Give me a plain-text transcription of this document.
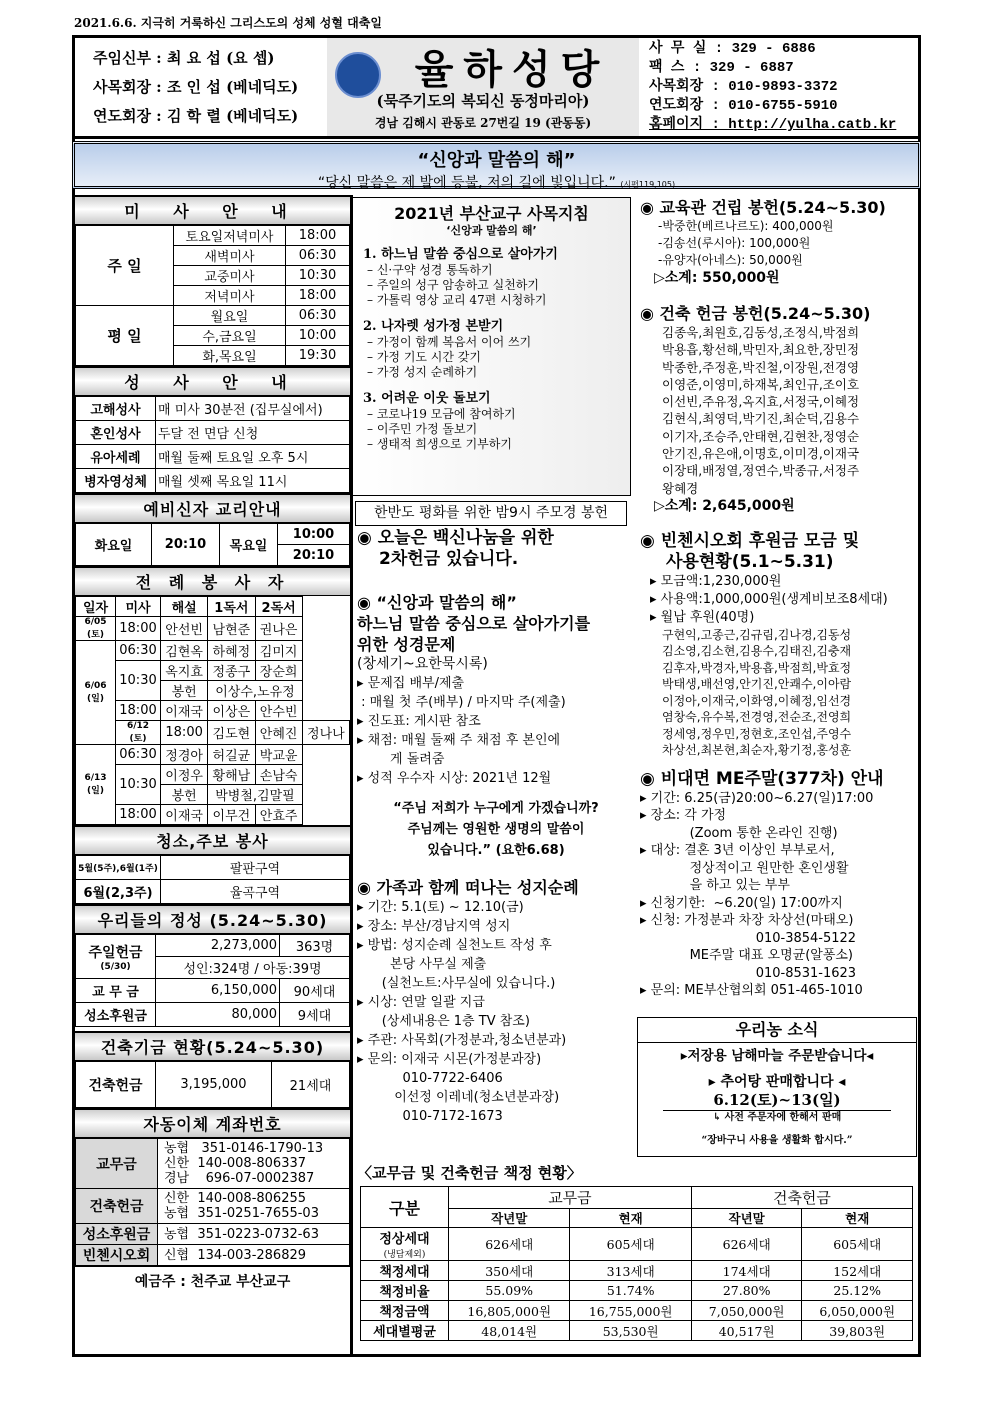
2021.6.6. 지극히 거룩하신 그리스도의 성체 성혈 대축일
주임신부 : 최 요 섭 (요 셉)
사목회장 : 조 인 섭 (베네딕도)
연도회장 : 김 학 렬 (베네딕도)
율하성당
(묵주기도의 복되신 동정마리아)
경남 김해시 관동로 27번길 19 (관동동)
사 무 실 : 329 - 6886
팩 스 : 329 - 6887
사목회장 : 010-9893-3372
연도회장 : 010-6755-5910
홈페이지 : http://yulha.catb.kr
“신앙과 말씀의 해”
“당신 말씀은 제 발에 등불, 저의 길에 빛입니다.” (시편119,105)
미 사 안 내
주 일	토요일저녁미사	18:00
	새벽미사	06:30
	교중미사	10:30
	저녁미사	18:00
평 일	월요일	06:30
	수,금요일	10:00
	화,목요일	19:30
성 사 안 내
고해성사	매 미사 30분전 (집무실에서)
혼인성사	두달 전 면담 신청
유아세례	매월 둘째 토요일 오후 5시
병자영성체	매월 셋째 목요일 11시
예비신자 교리안내
화요일	20:10	목요일	10:00
20:10
전 례 봉 사 자
일자	미사	해설	1독서	2독서	
6/05 (토)	18:00	안선빈	남현준	권나은	
6/06 (일)	06:30	김현옥	하혜정	김미지	
	10:30	옥지효	정종구	장순희	
		봉헌	이상수,노유정		
	18:00	이재국	이상은	안수빈	
	6/12 (토)	18:00	김도현	안혜진	정나나
6/13 (일)	06:30	정경아	허길균	박교윤	
	10:30	이정우	황해남	손남숙	
		봉헌	박병철,김말필		
	18:00	이재국	이무건	안효주	
청소,주보 봉사
5월(5주),6월(1주)	팔판구역
6월(2,3주)	율곡구역
우리들의 정성 (5.24~5.30)
주일헌금
(5/30)	2,273,000	363명
	성인:324명 / 아동:39명	
교 무 금	6,150,000	90세대
성소후원금	80,000	9세대
건축기금 현황(5.24~5.30)
건축헌금	3,195,000	21세대
자동이체 계좌번호
교무금	농협   351-0146-1790-13
신한  140-008-806337
경남    696-07-0002387

건축헌금	신한  140-008-806255
농협  351-0251-7655-03

성소후원금	농협  351-0223-0732-63

빈첸시오회	신협  134-003-286829
예금주 : 천주교 부산교구
2021년 부산교구 사목지침
‘신앙과 말씀의 해’
1. 하느님 말씀 중심으로 살아가기
– 신·구약 성경 통독하기
– 주일의 성구 암송하고 실천하기
– 가톨릭 영상 교리 47편 시청하기
2. 나자렛 성가정 본받기
– 가정이 함께 복음서 이어 쓰기
– 가정 기도 시간 갖기
– 가정 성지 순례하기
3. 어려운 이웃 돌보기
– 코로나19 모금에 참여하기
– 이주민 가정 돌보기
– 생태적 희생으로 기부하기
한반도 평화를 위한 밤9시 주모경 봉헌
◉ 오늘은 백신나눔을 위한
2차헌금 있습니다.
◉ “신앙과 말씀의 해”
하느님 말씀 중심으로 살아가기를
위한 성경문제
(창세기~요한묵시록)
▸ 문제집 배부/제출
: 매월 첫 주(배부) / 마지막 주(제출)
▸ 진도표: 게시판 참조
▸ 채점: 매월 둘째 주 채점 후 본인에
게 돌려줌
▸ 성적 우수자 시상: 2021년 12월
“주님 저희가 누구에게 가겠습니까?
주님께는 영원한 생명의 말씀이
있습니다.” (요한6.68)
◉ 가족과 함께 떠나는 성지순례
▸ 기간: 5.1(토) ~ 12.10(금)
▸ 장소: 부산/경남지역 성지
▸ 방법: 성지순례 실천노트 작성 후
본당 사무실 제출
(실천노트:사무실에 있습니다.)
▸ 시상: 연말 일괄 지급
(상세내용은 1층 TV 참조)
▸ 주관: 사목회(가정분과,청소년분과)
▸ 문의: 이재국 시몬(가정분과장)
010-7722-6406
이선정 이레네(청소년분과장)
010-7172-1673
◉ 교육관 건립 봉헌(5.24~5.30)
-박중한(베르나르도): 400,000원
-김송선(루시아): 100,000원
-유양자(아네스): 50,000원
▷소계: 550,000원
◉ 건축 헌금 봉헌(5.24~5.30)
김종욱,최원호,김동성,조정식,박점희
박용흡,황선해,박민자,최요한,장민정
박종한,주정훈,박진철,이장원,전경영
이영준,이영미,하재복,최인규,조이호
이선빈,주유정,옥지효,서정국,이혜정
김현식,최영덕,박기진,최순덕,김용수
이기자,조승주,안태현,김현찬,정영순
안기진,유은애,이명호,이미경,이재국
이장태,배정열,정연수,박종규,서정주
왕혜경
▷소계: 2,645,000원
◉ 빈첸시오회 후원금 모금 및
사용현황(5.1~5.31)
▸ 모금액:1,230,000원
▸ 사용액:1,000,000원(생계비보조8세대)
▸ 월납 후원(40명)
구현익,고종근,김규림,김나경,김동성
김소영,김소현,김용수,김태진,김충재
김후자,박경자,박용흡,박점희,박효정
박태생,배선영,안기진,안쾌수,이아람
이정아,이재국,이화영,이혜정,임선경
염창숙,유수복,전경영,전순조,전영희
정세영,정우민,정현호,조인섭,주영수
차상선,최본현,최순자,황기정,홍성훈
◉ 비대면 ME주말(377차) 안내
▸ 기간: 6.25(금)20:00~6.27(일)17:00
▸ 장소: 각 가정
(Zoom 통한 온라인 진행)
▸ 대상: 결혼 3년 이상인 부부로서,
정상적이고 원만한 혼인생활
을 하고 있는 부부
▸ 신청기한:  ~6.20(일) 17:00까지
▸ 신청: 가정분과 차장 차상선(마태오)
010-3854-5122
ME주말 대표 오명균(알퐁소)
010-8531-1623
▸ 문의: ME부산협의회 051-465-1010
우리농 소식
▸저장용 남해마늘 주문받습니다◂
▸ 추어탕 판매합니다 ◂
6.12(토)~13(일)
↳ 사전 주문자에 한해서 판매
“장바구니 사용을 생활화 합시다.”
〈교무금 및 건축헌금 책정 현황〉
구분	교무금		건축헌금	
	작년말	현재	작년말	현재

정상세대
(냉담제외)	626세대	605세대	626세대	605세대

책정세대	350세대	313세대	174세대	152세대

책정비율	55.09%	51.74%	27.80%	25.12%

책정금액	16,805,000원	16,755,000원	7,050,000원	6,050,000원

세대별평균	48,014원	53,530원	40,517원	39,803원
